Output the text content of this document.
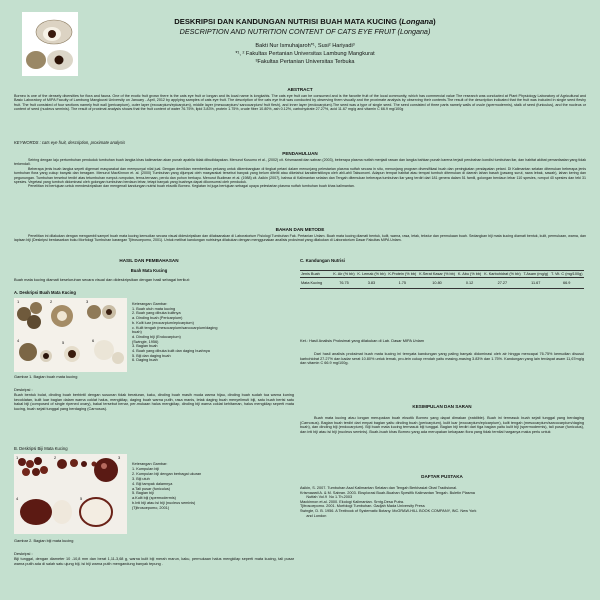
DESKRIPSI DAN KANDUNGAN NUTRISI BUAH MATA KUCING (Longana)
DESCRIPTION AND NUTRITION CONTENT OF CATS EYE FRUIT (Longana)
Bakti Nur Ismuhajaroh*¹, Susi² Hariyadi³
*¹, ² Fakultas Pertanian Universitas Lambung Mangkurat
³Fakultas Pertanian Universitas Terbuka
ABSTRACT
Borneo is one of the densely diversities for flora and fauna. One of the exotic fruit grown there is the cats eye fruit or longan and its local name is longkahis. The cats eye fruit can be consumed and is the favorite fruit of the local community, which has commercial value The research was conducted at Plant Physiology Laboratory of Agricultural and Basic Laboratory of MIPA Faculty of Lambung Mangkurat University on January - April, 2012 by applying samples of cats eye fruit. The description of the cats eye fruit was conducted by observing them visually and the proximate analysis by observing their contents.The result of the description indicated that the fruit was included in single seed fleshy fruit. The fruit consisted of four sections namely fruit wall (pericarpium), outer layer (exocarpium/epicarpium), middle layer (mesocarpium/ sarcocarpium/ fruit flesh), and inner layer (endocarpium).The seed was a type of single seed. The seed consisted of three parts namely walls of ovule (spermodermis), stalk of seed (funiculus), and the nucleus or content of seed (nucleus seminis). The result of proximat analysis shows that the fruit content of water 76.75%, lipid 3.83%, protein 1.75%, crude fiber 10.80%, ash 0.12%, carbohydrate 27.27%, acid 11.67 mg/g and vitamin C 66.9 mg/100g
KEYWORDS : cats eye fruit, description, proximate analysis
PENDAHULUAN
Seiring dengan laju pertumbuhan penduduk tumbuhan buah langka khas kalimantan akan punah apabila tidak dibudidayakan. Menurut Kusumo et al., (2002) cit. Krismawati dan sabran (2003), beberapa plasma nutfah menjadi rawan dan langka bahkan punah karena terjadi perubahan kondisi tumbuhan liar, dan habitat akibat pemanfaatan yang tidak terkendali.
Beberapa jenis buah langka sepeti digemari masyarakat dan mempunyai nilai jual. Dengan demikian memberikan peluang untuk dikembangkan di tingkat petani dalam menunjang pelestarian plasma nutfah secara in situ, menunjang program diversifikasi buah dan peningkatan pendapatan petani. Di Kalimantan selatan ditemukan beberapa jenis tumbuhan flora yang cukup banyak dan beragam. Menurut MacKinnon et. al. (2000) Tumbuhan yang dijumpai oleh masyarakat tersebut banyak yang belum diteliti atau diketahui karakteristiknya oleh ahli-ahli Taksonomi. Adapun tempat habitat atau tempat tumbuh ditemukan di daerah lahan basah (pasang surut, rawa lebak, sawah), lahan kering dan pegunungan. Tumbuhan tersebut terdiri atas tetumbuhan rumput-rumputan, terna-ternaan, perdu dan pohon berkayu. Menurut Budiman et al. (1988) cit. Asikin (2007), bahwa di Kalimantan selatan dan Tengah ditemukan beberapa tumbuhan liar yang terdiri dari 181 genera dalam 51 famili, golongan berdaun lebar 110 spesies, rumput 40 spesies dan teki 31 spesies. Vegetasi yang tumbuh didominasi oleh golongan tumbuhan berdaun lebar, tetapi banyak yang buahnya dapat dikonsumsi oleh penduduk.
Penelitian ini bertujuan untuk mendeskripsikan dan mengenali kandungan nutrisi buah eksotik Borneo. Kegiatan ini juga bertujuan sebagai upaya pelestarian plasma nutfah tumbuhan buah khas kalimantan.
BAHAN DAN METODE
Penelitian ini dilakukan dengan mengambil sampel buah mata kucing kemudian secara visual dideskripsikan dan dilaksanakan di Laboratorium Fisiologi Tumbuhan Fak. Pertanian Unlam. Buah mata kucing diamati bentuk, kulit, warna, rasa, letak, tekstur dan permukaan buah. Sedangkan biji mata kucing diamati bentuk, kulit, permukaan, warna, dan lapisan biji (Deskripsi berdasarkan buku Morfologi Tumbuhan karangan Tjitrosoepomo, 2001). Untuk melihat kandungan nutrisinya dilakukan dengan menggunakan analisis proksimat yang dilakukan di Laboratorium Dasar Fakultas MIPA Unlam.
HASIL DAN PEMBAHASAN
Buah Mata Kucing
Buah mata kucing diamati keseluruhan secara visual dan dideskripsikan dengan hasil sebagai berikut:
A. Deskripsi Buah Mata Kucing
1	2	3
4	5	6
Keterangan Gambar:
1. Buah utuh mata kucing
2. Buah yang dibuka kulitnya
a. Dinding buah (Pericarpium)
b. Kulit luar (exocarpium/epicarpium)
c. Kulit tengah (mesocarpium/sarcocarpium/daging
buah)
d. Dinding biji (Endocarpium)
(Swingle, 1956)
3. Bagian buah
4. Buah yang dibuka kulit dan daging buahnya
5. Biji dan daging buah
6. Daging buah
Gambar 1. Bagian buah mata kucing
Deskripsi :
Buah bentuk bulat, dinding buah berbintil dengan susunan tidak beraturan, kaku, dinding buah masih muda warna hijau, dinding buah sudah tua warna kuning kecoklatan, kulit luar bagian dalam warna coklat halus, mengkilap, daging buah warna putih, rasa manis, letak daging buah menyelimuti biji, satu buah berisi satu bakal biji (composed of single ripened ovary), bakal tersebut benar, per-mukaan halus mengkilap, dinding biji warna coklat kehitaman, halus mengkilap seperti mata kucing, buah sejati tunggal yang berdaging (Carnosus).
B. Deskripsi Biji Mata Kucing
1	2	3
4	5
Keterangan Gambar:
1. Kumpulan biji
2. Kumpulan biji dengan berbagai ukuran
3. Biji utuh
4. Biji tampak dalamnya
a.Tali pusar (funiculus)
5. Bagian biji
a.Kulit biji (spermodermis)
b.Inti biji atau isi biji (nucleus seminis)
(Tjitrosoepomo, 2001)
Gambar 2. Bagian biji mata kucing
Deskripsi :
Biji tunggal, dengan diameter 10 -10,8 mm dan berat 1,11-3,68 g, warna kulit biji merah marun, kaku, permukaan halus mengkilap seperti mata kucing, tali pusar warna putih ada di salah satu ujung biji, isi biji warna putih mengandung banyak tepung .
C. Kandungan Nutrisi
Jenis Buah	K. Air (% bb)	K. Lemak (% bb)	K.Protein (% bb)	K.Serat Kasar (% bb)	K. Abu (% bb)	K. Karbohidrat (% bb)	T.Asam (mg/g)	T. Vit. C (mg/100g)
Mata Kucing	76.75	3.83	1.75	10.80	0.12	27.27	11.67	66.9
Ket.: Hasil Analisis Proksimat yang dilakukan di Lab. Dasar MIPA Unlam
Dari hasil analisis proksimat buah mata kucing ini ternyata kandungan yang paling banyak didominasi oleh air hingga mencapai 76.75% kemudian disusul karbohidrat 27.27% dan kadar serat 10.80% untuk lemak, pro-tein cukup rendah yaitu masing-masing 3.83% dan 1.75%. Kandungan yang lain terdapat asam 11,67mg/g dan vitamin C 66.9 mg/100g.
KESIMPULAN DAN SARAN
Buah mata kucing atau longan merupakan buah eksotik Borneo yang dapat dimakan (eatdible). Buah ini termasuk buah sejati tunggal yang berdaging (Carnosus). Bagian buah terdiri dari empat bagian yaitu dinding buah (pericarpium), kulit luar (exocarpium/epicarpium), kulit tengah (mesocarpium/sarcocarpium/daging buah), dan dinding biji (endocarpium). Biji buah mata kucing termasuk biji tunggal. Bagian biji terdiri dari tiga bagian yaitu kulit biji (spermodermis), tali pusar (funiculus), dan inti biji atau isi biji (nucleus seminis). Buah-buah khas Borneo yang ada merupakan kekayaan flora yang tidak ternilai harganya maka perlu untuk
DAFTAR PUSTAKA
Asikin, S. 2007. Tumbuhan Asal Kalimantan Selatan dan Tengah Berkhasiat Obat Tradisional.
Krismawati A. & M. Sabran. 2003. Eksplorasi Buah-Buahan Spesifik Kalimantan Tengah. Buletin Plasma
Nutfah Vol.9  No 1.Th.2003
Mackinnon et.al. 2000. Ekologi Kalimantan. Srntg.Desa Putra.
Tjitrosoepomo. 2001. Morfologi Tumbuhan. Gadjah Mada University Press
Swingle, D. B. 1956. A Textbook of Systematic Botany. McGRAW-HILL BOOK COMPANY, INC. New York
and London
